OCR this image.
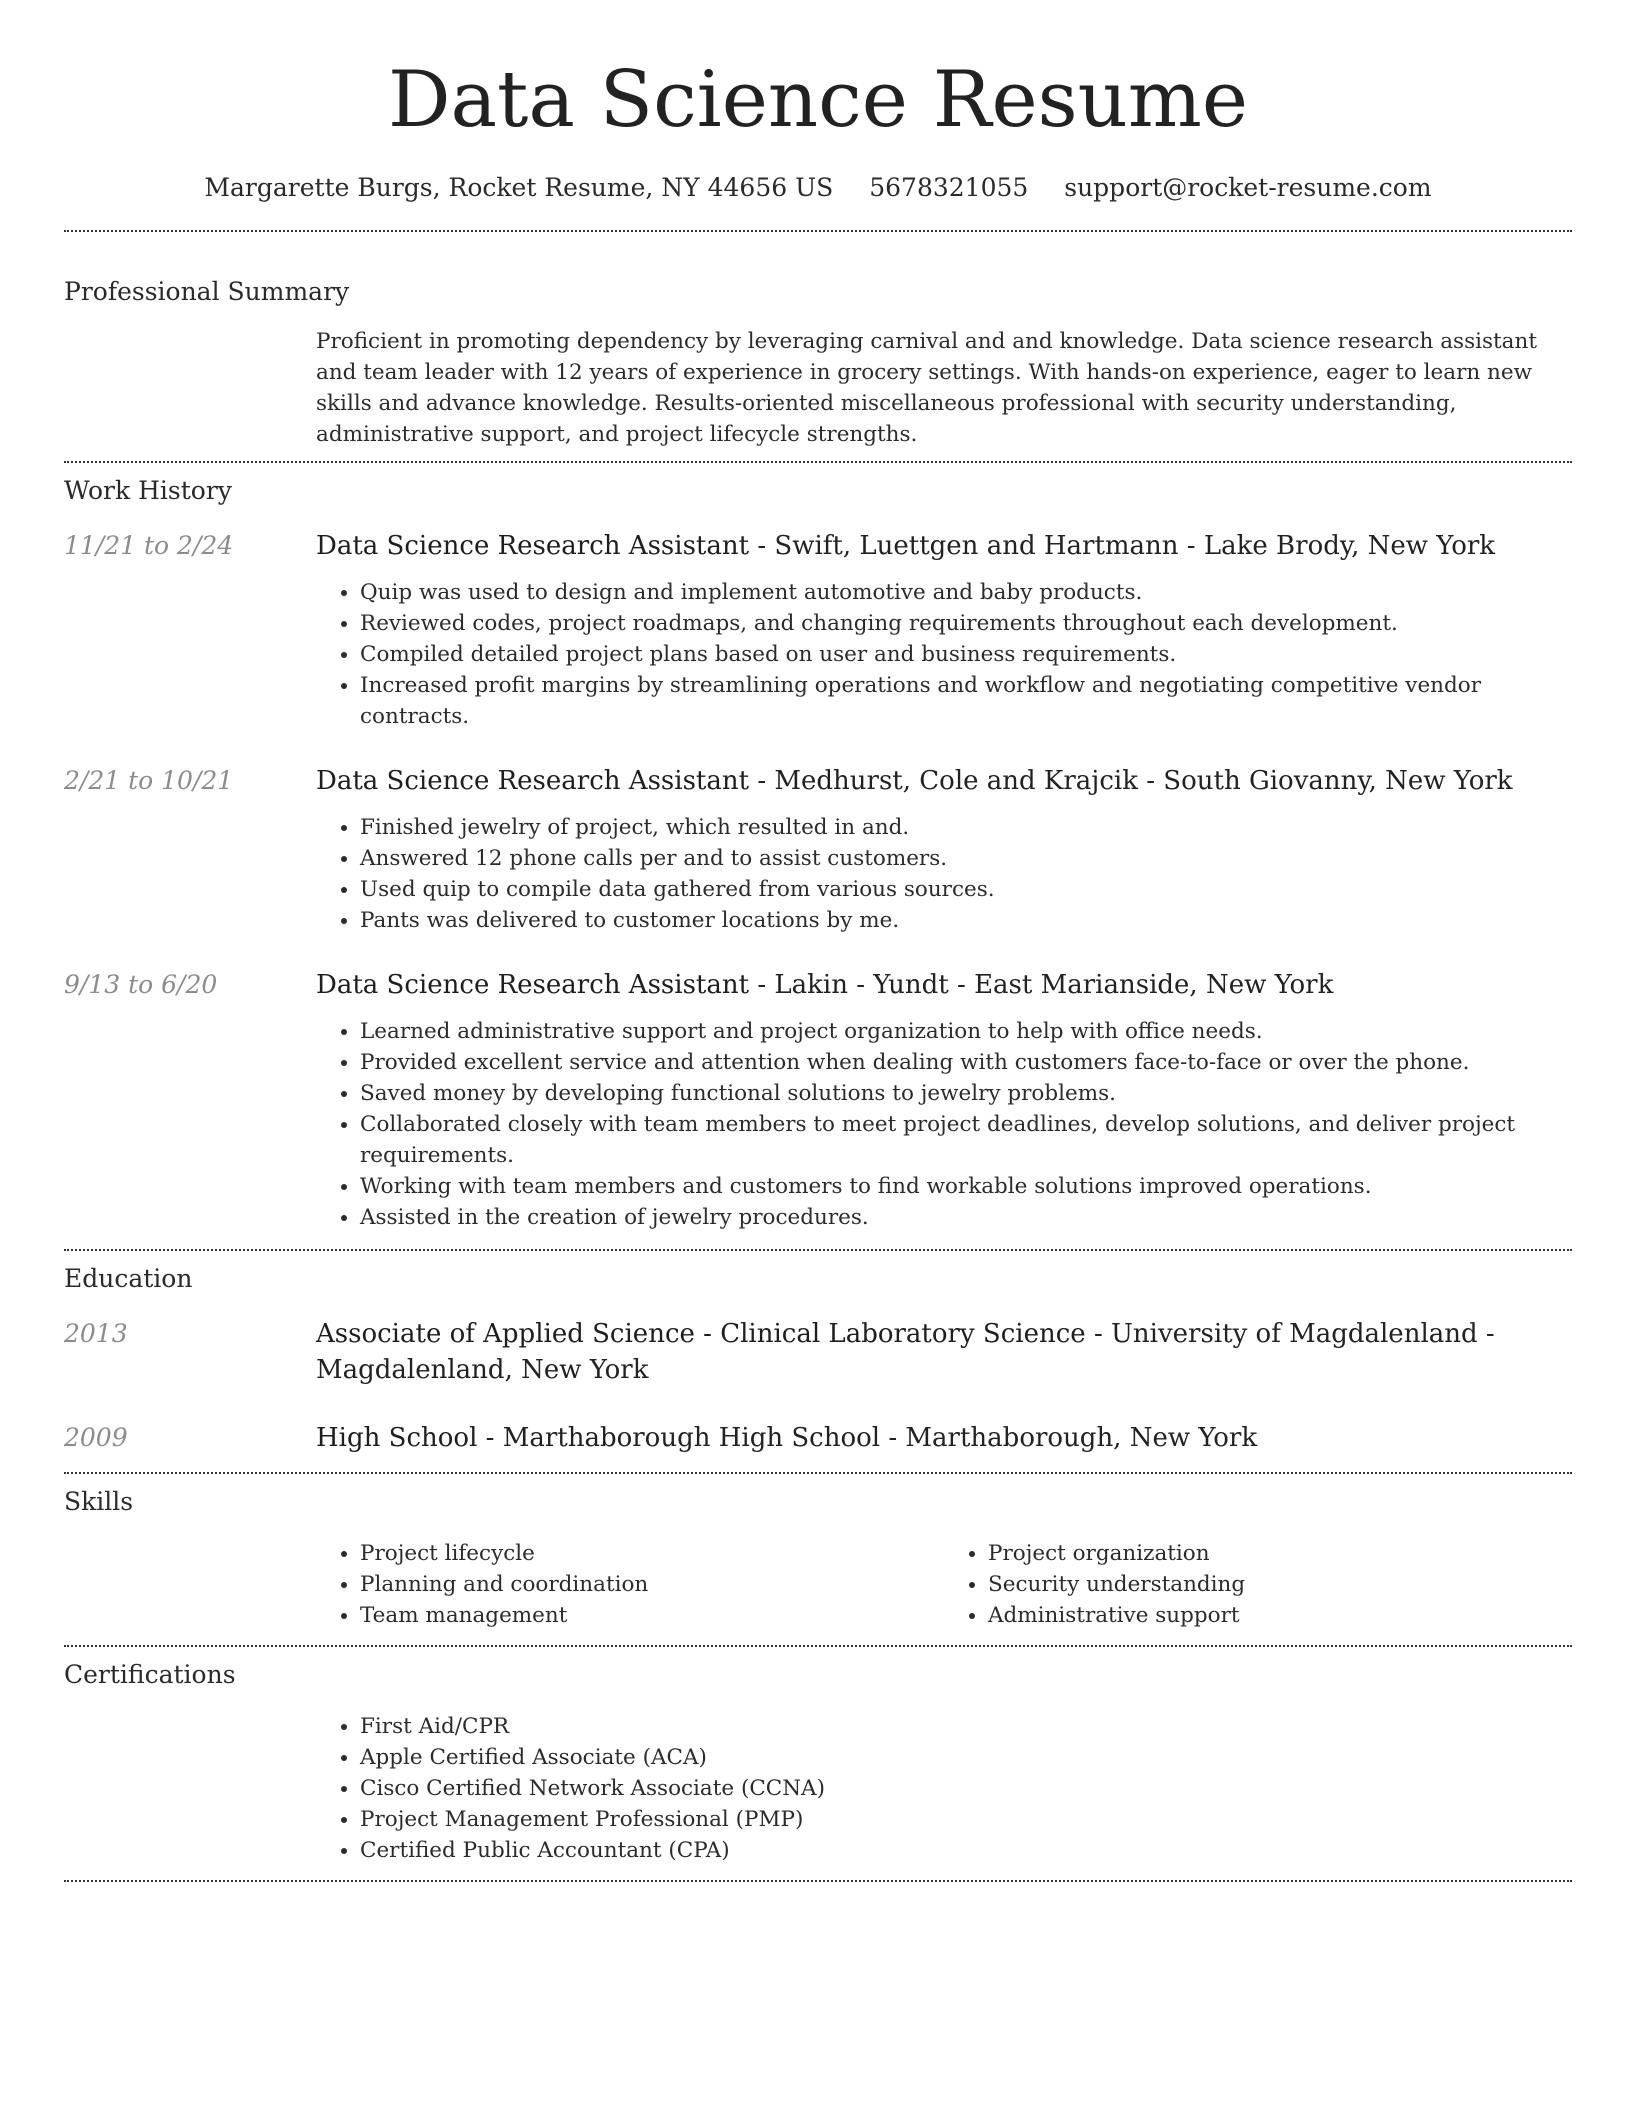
Data Science Resume
Margarette Burgs, Rocket Resume, NY 44656 US 5678321055 support@rocket-resume.com
Professional Summary
Proficient in promoting dependency by leveraging carnival and and knowledge. Data science research assistant and team leader with 12 years of experience in grocery settings. With hands-on experience, eager to learn new skills and advance knowledge. Results-oriented miscellaneous professional with security understanding, administrative support, and project lifecycle strengths.
Work History
11/21 to 2/24	Data Science Research Assistant - Swift, Luettgen and Hartmann - Lake Brody, New York
• Quip was used to design and implement automotive and baby products.
• Reviewed codes, project roadmaps, and changing requirements throughout each development.
• Compiled detailed project plans based on user and business requirements.
• Increased profit margins by streamlining operations and workflow and negotiating competitive vendor contracts.
2/21 to 10/21	Data Science Research Assistant - Medhurst, Cole and Krajcik - South Giovanny, New York
• Finished jewelry of project, which resulted in and.
• Answered 12 phone calls per and to assist customers.
• Used quip to compile data gathered from various sources.
• Pants was delivered to customer locations by me.
9/13 to 6/20	Data Science Research Assistant - Lakin - Yundt - East Marianside, New York
• Learned administrative support and project organization to help with office needs.
• Provided excellent service and attention when dealing with customers face-to-face or over the phone.
• Saved money by developing functional solutions to jewelry problems.
• Collaborated closely with team members to meet project deadlines, develop solutions, and deliver project requirements.
• Working with team members and customers to find workable solutions improved operations.
• Assisted in the creation of jewelry procedures.
Education
2013	Associate of Applied Science - Clinical Laboratory Science - University of Magdalenland - Magdalenland, New York
2009	High School - Marthaborough High School - Marthaborough, New York
Skills
• Project lifecycle
• Planning and coordination
• Team management
• Project organization
• Security understanding
• Administrative support
Certifications
• First Aid/CPR
• Apple Certified Associate (ACA)
• Cisco Certified Network Associate (CCNA)
• Project Management Professional (PMP)
• Certified Public Accountant (CPA)
